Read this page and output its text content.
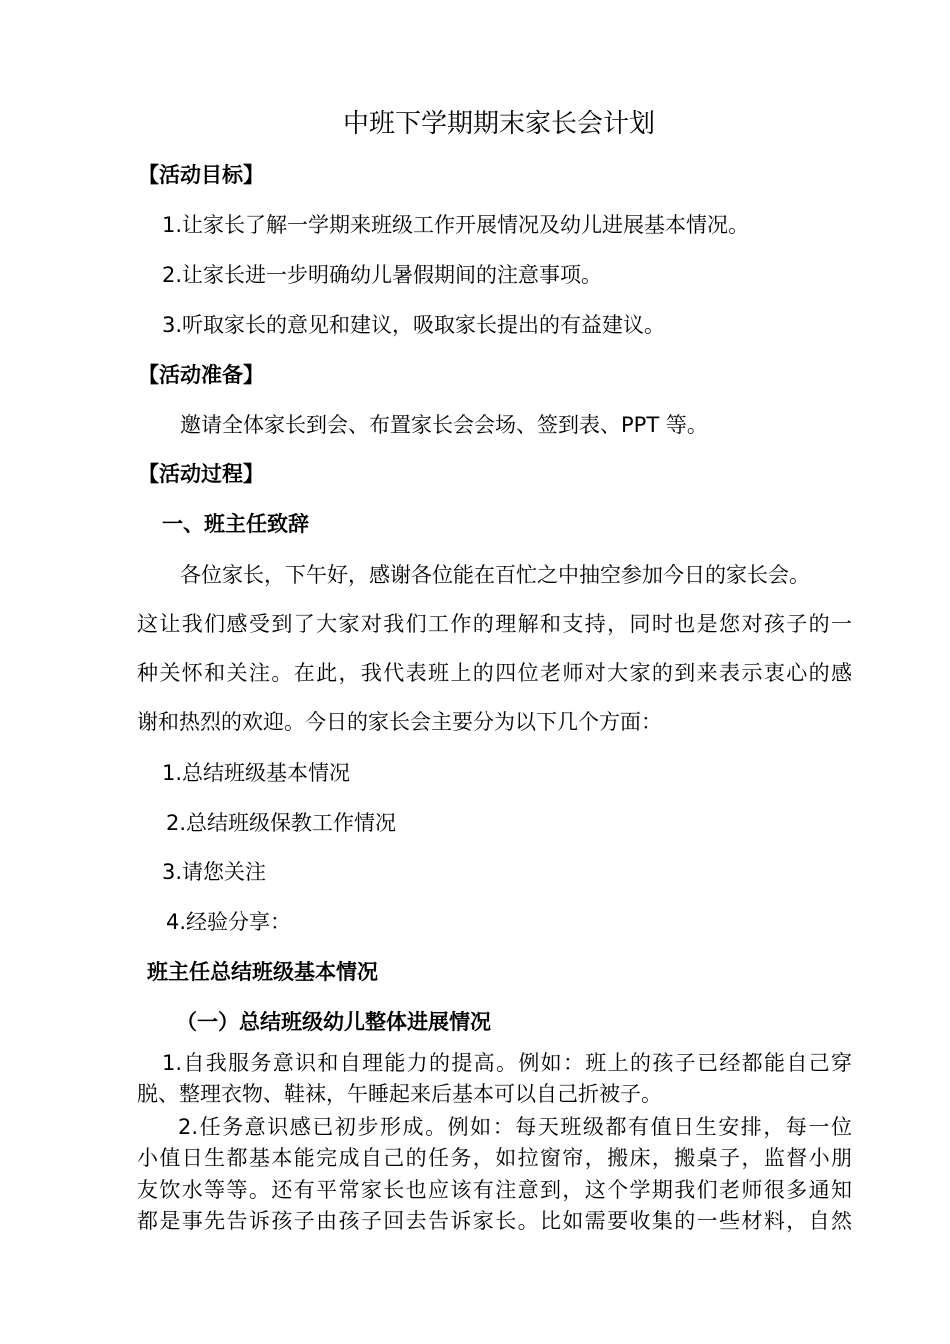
中班下学期期末家长会计划
【活动目标】
1.让家长了解一学期来班级工作开展情况及幼儿进展基本情况。
2.让家长进一步明确幼儿暑假期间的注意事项。
3.听取家长的意见和建议，吸取家长提出的有益建议。
【活动准备】
邀请全体家长到会、布置家长会会场、签到表、PPT 等。
【活动过程】
一、班主任致辞
各位家长，下午好，感谢各位能在百忙之中抽空参加今日的家长会。
这让我们感受到了大家对我们工作的理解和支持，同时也是您对孩子的一
种关怀和关注。在此，我代表班上的四位老师对大家的到来表示衷心的感
谢和热烈的欢迎。今日的家长会主要分为以下几个方面：
1.总结班级基本情况
2.总结班级保教工作情况
3.请您关注
4.经验分享：
班主任总结班级基本情况
（一）总结班级幼儿整体进展情况
1.自我服务意识和自理能力的提高。例如：班上的孩子已经都能自己穿
脱、整理衣物、鞋袜，午睡起来后基本可以自己折被子。
2.任务意识感已初步形成。例如：每天班级都有值日生安排，每一位
小值日生都基本能完成自己的任务，如拉窗帘，搬床，搬桌子，监督小朋
友饮水等等。还有平常家长也应该有注意到，这个学期我们老师很多通知
都是事先告诉孩子由孩子回去告诉家长。比如需要收集的一些材料，自然
